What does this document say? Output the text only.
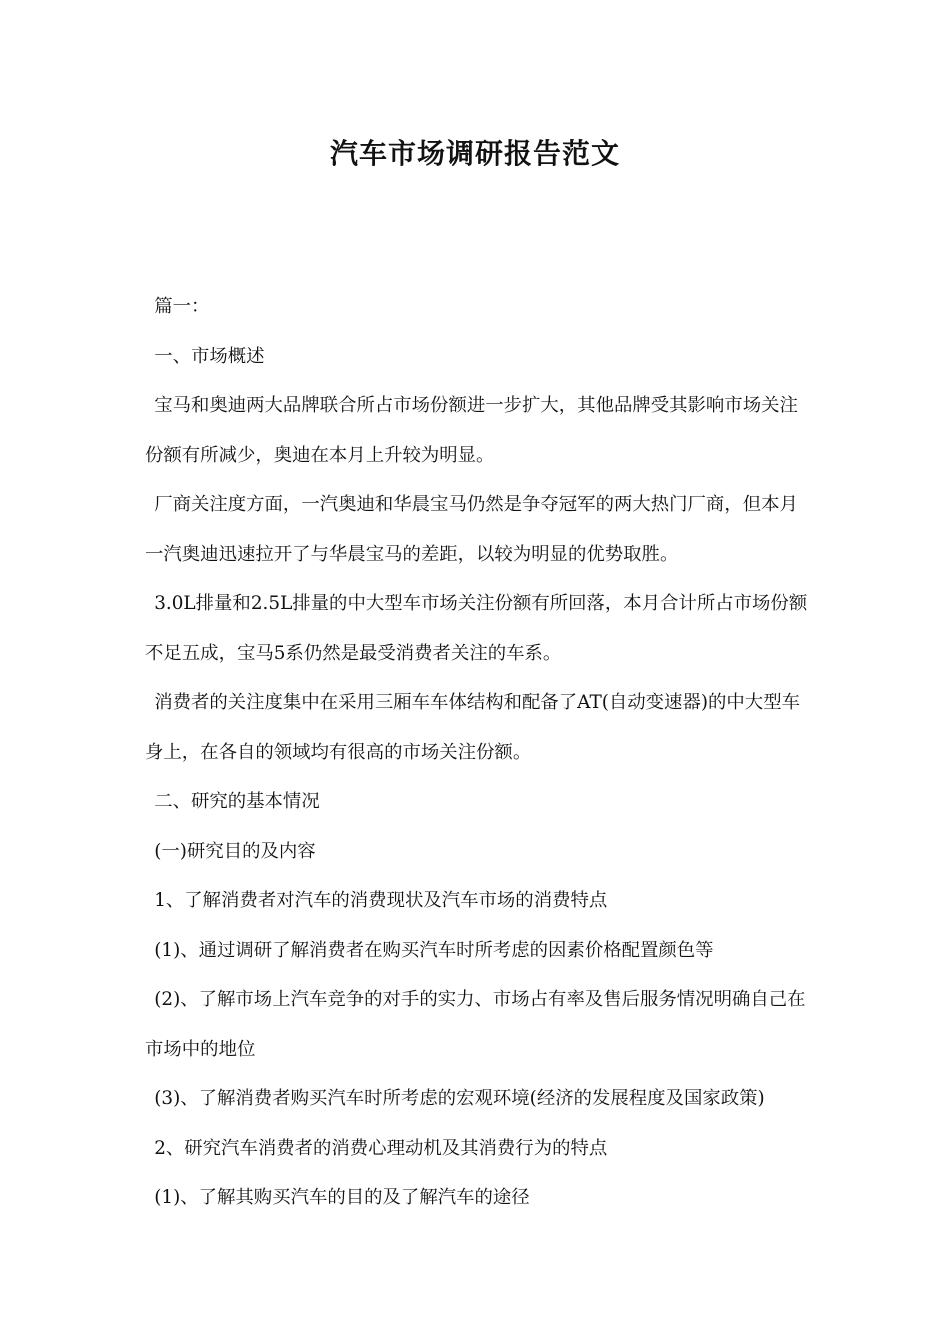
汽车市场调研报告范文

篇一：

一、市场概述

宝马和奥迪两大品牌联合所占市场份额进一步扩大，其他品牌受其影响市场关注份额有所减少，奥迪在本月上升较为明显。

厂商关注度方面，一汽奥迪和华晨宝马仍然是争夺冠军的两大热门厂商，但本月一汽奥迪迅速拉开了与华晨宝马的差距，以较为明显的优势取胜。

3.0L排量和2.5L排量的中大型车市场关注份额有所回落，本月合计所占市场份额不足五成，宝马5系仍然是最受消费者关注的车系。

消费者的关注度集中在采用三厢车车体结构和配备了AT(自动变速器)的中大型车身上，在各自的领域均有很高的市场关注份额。

二、研究的基本情况

(一)研究目的及内容

1、了解消费者对汽车的消费现状及汽车市场的消费特点

(1)、通过调研了解消费者在购买汽车时所考虑的因素价格配置颜色等

(2)、了解市场上汽车竞争的对手的实力、市场占有率及售后服务情况明确自己在市场中的地位

(3)、了解消费者购买汽车时所考虑的宏观环境(经济的发展程度及国家政策)

2、研究汽车消费者的消费心理动机及其消费行为的特点

(1)、了解其购买汽车的目的及了解汽车的途径
